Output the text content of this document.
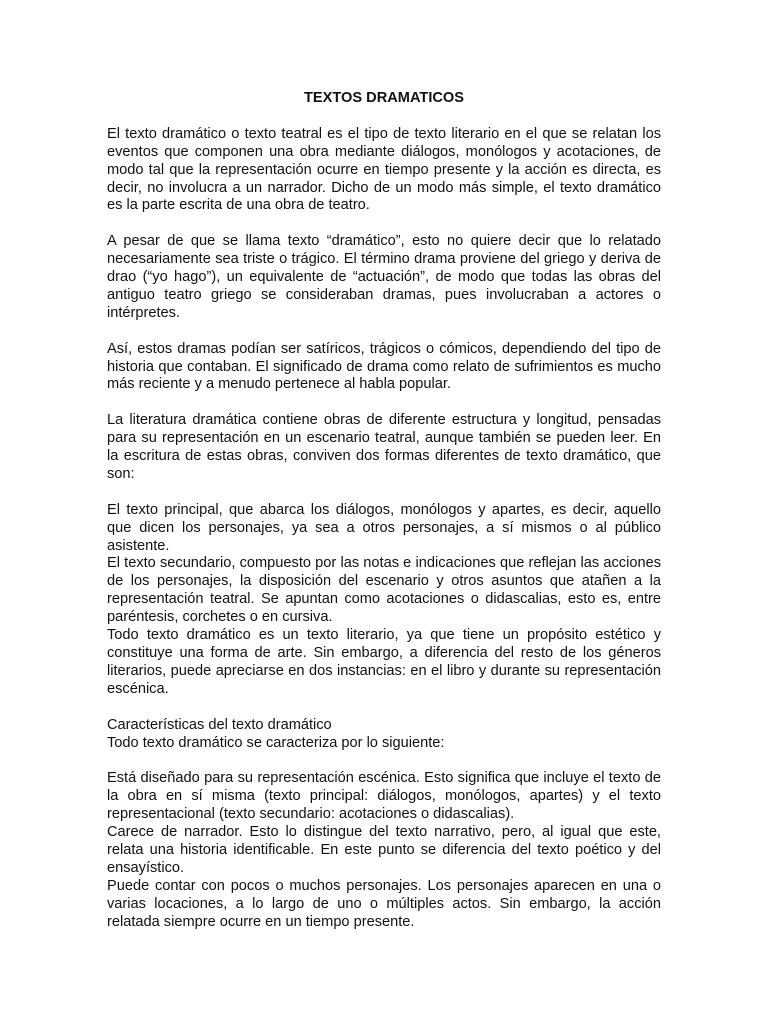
TEXTOS DRAMATICOS

El texto dramático o texto teatral es el tipo de texto literario en el que se relatan los eventos que componen una obra mediante diálogos, monólogos y acotaciones, de modo tal que la representación ocurre en tiempo presente y la acción es directa, es decir, no involucra a un narrador. Dicho de un modo más simple, el texto dramático es la parte escrita de una obra de teatro.

A pesar de que se llama texto “dramático”, esto no quiere decir que lo relatado necesariamente sea triste o trágico. El término drama proviene del griego y deriva de drao (“yo hago”), un equivalente de “actuación”, de modo que todas las obras del antiguo teatro griego se consideraban dramas, pues involucraban a actores o intérpretes.

Así, estos dramas podían ser satíricos, trágicos o cómicos, dependiendo del tipo de historia que contaban. El significado de drama como relato de sufrimientos es mucho más reciente y a menudo pertenece al habla popular.

La literatura dramática contiene obras de diferente estructura y longitud, pensadas para su representación en un escenario teatral, aunque también se pueden leer. En la escritura de estas obras, conviven dos formas diferentes de texto dramático, que son:

El texto principal, que abarca los diálogos, monólogos y apartes, es decir, aquello que dicen los personajes, ya sea a otros personajes, a sí mismos o al público asistente.

El texto secundario, compuesto por las notas e indicaciones que reflejan las acciones de los personajes, la disposición del escenario y otros asuntos que atañen a la representación teatral. Se apuntan como acotaciones o didascalias, esto es, entre paréntesis, corchetes o en cursiva.

Todo texto dramático es un texto literario, ya que tiene un propósito estético y constituye una forma de arte. Sin embargo, a diferencia del resto de los géneros literarios, puede apreciarse en dos instancias: en el libro y durante su representación escénica.

Características del texto dramático

Todo texto dramático se caracteriza por lo siguiente:

Está diseñado para su representación escénica. Esto significa que incluye el texto de la obra en sí misma (texto principal: diálogos, monólogos, apartes) y el texto representacional (texto secundario: acotaciones o didascalias).

Carece de narrador. Esto lo distingue del texto narrativo, pero, al igual que este, relata una historia identificable. En este punto se diferencia del texto poético y del ensayístico.

Puede contar con pocos o muchos personajes. Los personajes aparecen en una o varias locaciones, a lo largo de uno o múltiples actos. Sin embargo, la acción relatada siempre ocurre en un tiempo presente.
